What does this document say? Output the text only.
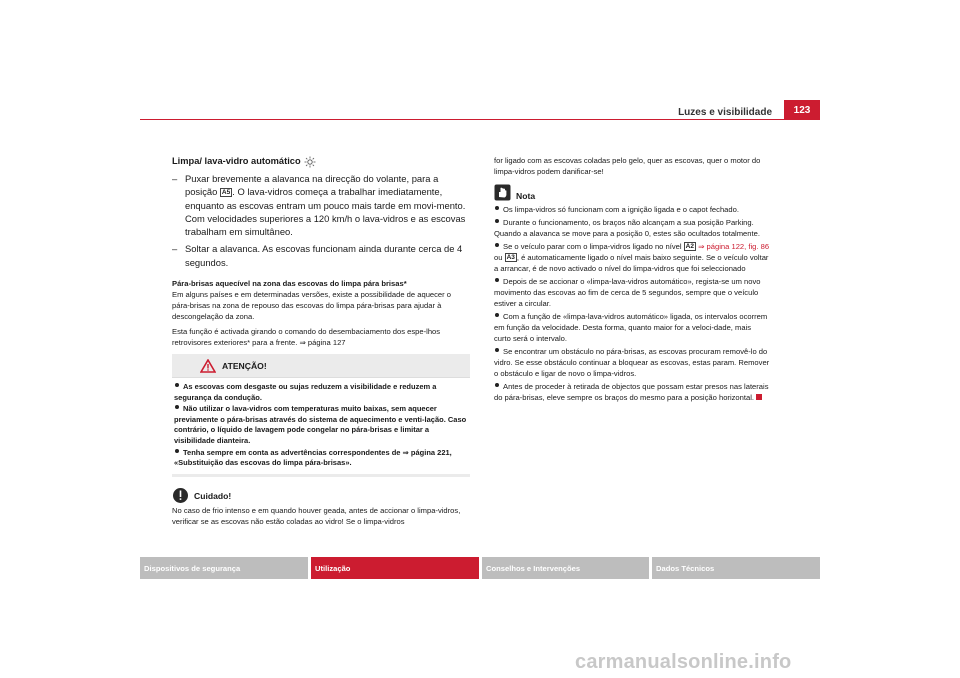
Luzes e visibilidade	123
Limpa/ lava-vidro automático
– Puxar brevemente a alavanca na direcção do volante, para a posição A5 . O lava-vidros começa a trabalhar imediatamente, enquanto as escovas entram um pouco mais tarde em movi-mento. Com velocidades superiores a 120 km/h o lava-vidros e as escovas trabalham em simultâneo.
– Soltar a alavanca. As escovas funcionam ainda durante cerca de 4 segundos.
Pára-brisas aquecível na zona das escovas do limpa pára brisas*

Em alguns países e em determinadas versões, existe a possibilidade de aquecer o pára-brisas na zona de repouso das escovas do limpa pára-brisas para ajudar à descongelação da zona.

Esta função é activada girando o comando do desembaciamento dos espe-lhos retrovisores exteriores* para a frente. ⇒ página 127

ATENÇÃO!
As escovas com desgaste ou sujas reduzem a visibilidade e reduzem a segurança da condução.
Não utilizar o lava-vidros com temperaturas muito baixas, sem aquecer previamente o pára-brisas através do sistema de aquecimento e venti-lação. Caso contrário, o líquido de lavagem pode congelar no pára-brisas e limitar a visibilidade dianteira.
Tenha sempre em conta as advertências correspondentes de ⇒ página 221, «Substituição das escovas do limpa pára-brisas».
Cuidado!

No caso de frio intenso e em quando houver geada, antes de accionar o limpa-vidros, verificar se as escovas não estão coladas ao vidro! Se o limpa-vidros

for ligado com as escovas coladas pelo gelo, quer as escovas, quer o motor do limpa-vidros podem danificar-se!

Nota
Os limpa-vidros só funcionam com a ignição ligada e o capot fechado.
Durante o funcionamento, os braços não alcançam a sua posição Parking. Quando a alavanca se move para a posição 0, estes são ocultados totalmente.
Se o veículo parar com o limpa-vidros ligado no nível A2 ⇒ página 122, fig. 86 ou A3 , é automaticamente ligado o nível mais baixo seguinte. Se o veículo voltar a arrancar, é de novo activado o nível do limpa-vidros que foi seleccionado
Depois de se accionar o «limpa-lava-vidros automático», regista-se um novo movimento das escovas ao fim de cerca de 5 segundos, sempre que o veículo estiver a circular.
Com a função de «limpa-lava-vidros automático» ligada, os intervalos ocorrem em função da velocidade. Desta forma, quanto maior for a veloci-dade, mais curto será o intervalo.
Se encontrar um obstáculo no pára-brisas, as escovas procuram removê-lo do vidro. Se esse obstáculo continuar a bloquear as escovas, estas param. Remover o obstáculo e ligar de novo o limpa-vidros.
Antes de proceder à retirada de objectos que possam estar presos nas laterais do pára-brisas, eleve sempre os braços do mesmo para a posição horizontal.
Dispositivos de segurança	Utilização	Conselhos e Intervenções	Dados Técnicos
carmanualsonline.info
